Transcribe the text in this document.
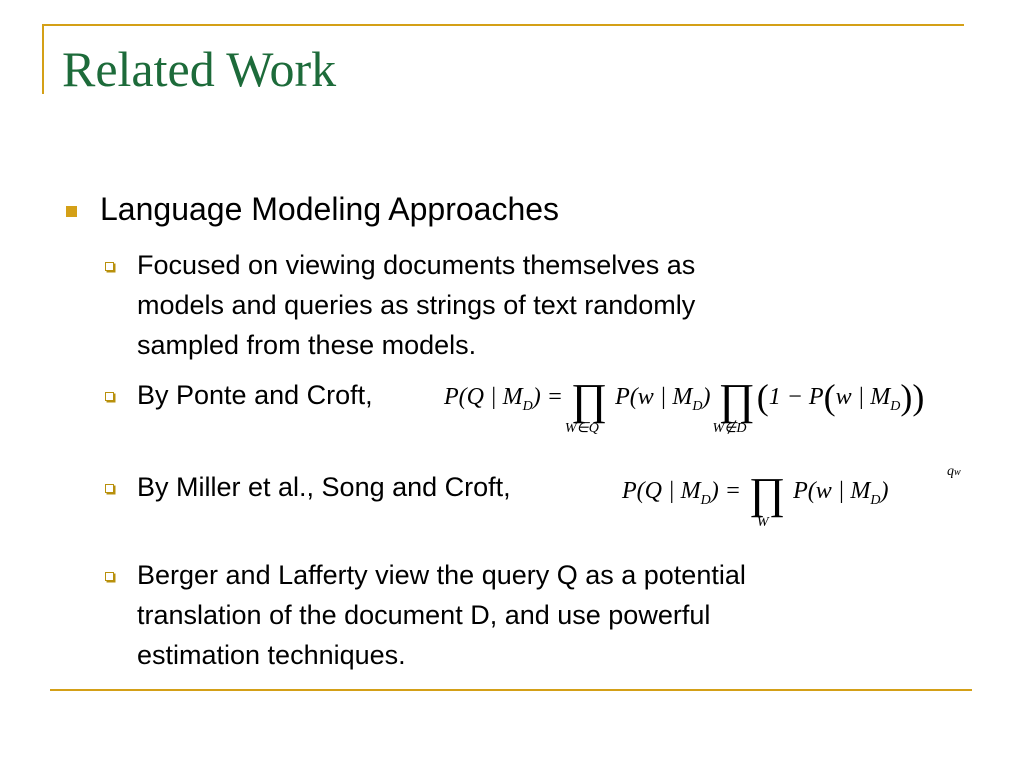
Related Work
Language Modeling Approaches
Focused on viewing documents themselves as
models and queries as strings of text randomly
sampled from these models.
By Ponte and Croft,	P(Q | $M_D$) = ∏
W∈Q
P(w | $M_D$) ∏
W∉D
(1 − P(w | $M_D$))
By Miller et al., Song and Croft,	P(Q | $M_D$) = ∏
W
P(w | $M_D$)
qw
Berger and Lafferty view the query Q as a potential
translation of the document D, and use powerful
estimation techniques.
